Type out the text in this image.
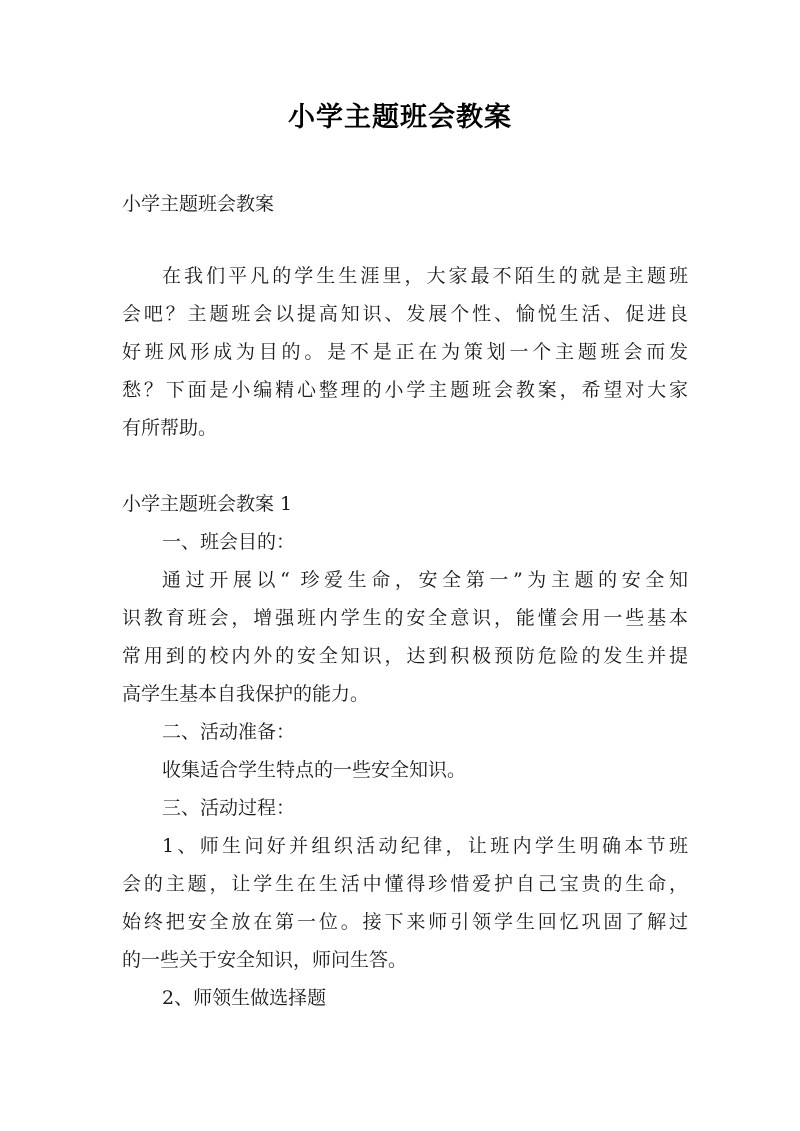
小学主题班会教案
小学主题班会教案
在我们平凡的学生生涯里，大家最不陌生的就是主题班
会吧？主题班会以提高知识、发展个性、愉悦生活、促进良
好班风形成为目的。是不是正在为策划一个主题班会而发
愁？下面是小编精心整理的小学主题班会教案，希望对大家
有所帮助。
小学主题班会教案 1
一、班会目的：
通过开展以“ 珍爱生命，安全第一”为主题的安全知
识教育班会，增强班内学生的安全意识，能懂会用一些基本
常用到的校内外的安全知识，达到积极预防危险的发生并提
高学生基本自我保护的能力。
二、活动准备：
收集适合学生特点的一些安全知识。
三、活动过程：
1、师生问好并组织活动纪律，让班内学生明确本节班
会的主题，让学生在生活中懂得珍惜爱护自己宝贵的生命，
始终把安全放在第一位。接下来师引领学生回忆巩固了解过
的一些关于安全知识，师问生答。
2、师领生做选择题
